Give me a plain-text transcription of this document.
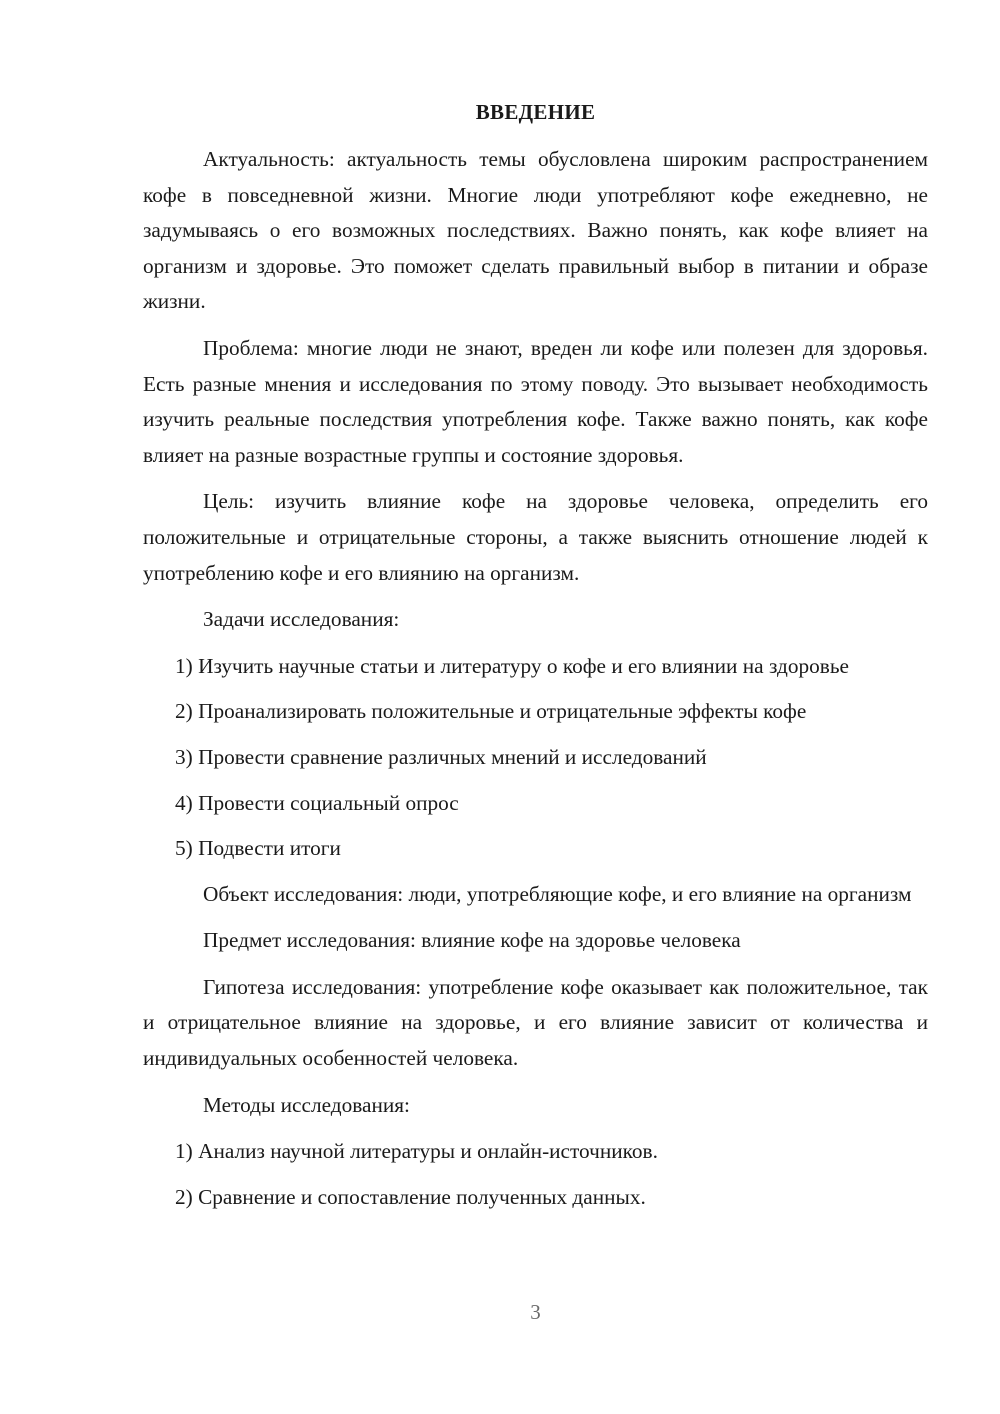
ВВЕДЕНИЕ

Актуальность: актуальность темы обусловлена широким распространением кофе в повседневной жизни. Многие люди употребляют кофе ежедневно, не задумываясь о его возможных последствиях. Важно понять, как кофе влияет на организм и здоровье. Это поможет сделать правильный выбор в питании и образе жизни.

Проблема: многие люди не знают, вреден ли кофе или полезен для здоровья. Есть разные мнения и исследования по этому поводу. Это вызывает необходимость изучить реальные последствия употребления кофе. Также важно понять, как кофе влияет на разные возрастные группы и состояние здоровья.

Цель: изучить влияние кофе на здоровье человека, определить его положительные и отрицательные стороны, а также выяснить отношение людей к употреблению кофе и его влиянию на организм.

Задачи исследования:

1) Изучить научные статьи и литературу о кофе и его влиянии на здоровье

2) Проанализировать положительные и отрицательные эффекты кофе

3) Провести сравнение различных мнений и исследований

4) Провести социальный опрос

5) Подвести итоги

Объект исследования: люди, употребляющие кофе, и его влияние на организм

Предмет исследования: влияние кофе на здоровье человека

Гипотеза исследования: употребление кофе оказывает как положительное, так и отрицательное влияние на здоровье, и его влияние зависит от количества и индивидуальных особенностей человека.

Методы исследования:

1) Анализ научной литературы и онлайн-источников.

2) Сравнение и сопоставление полученных данных.

3
